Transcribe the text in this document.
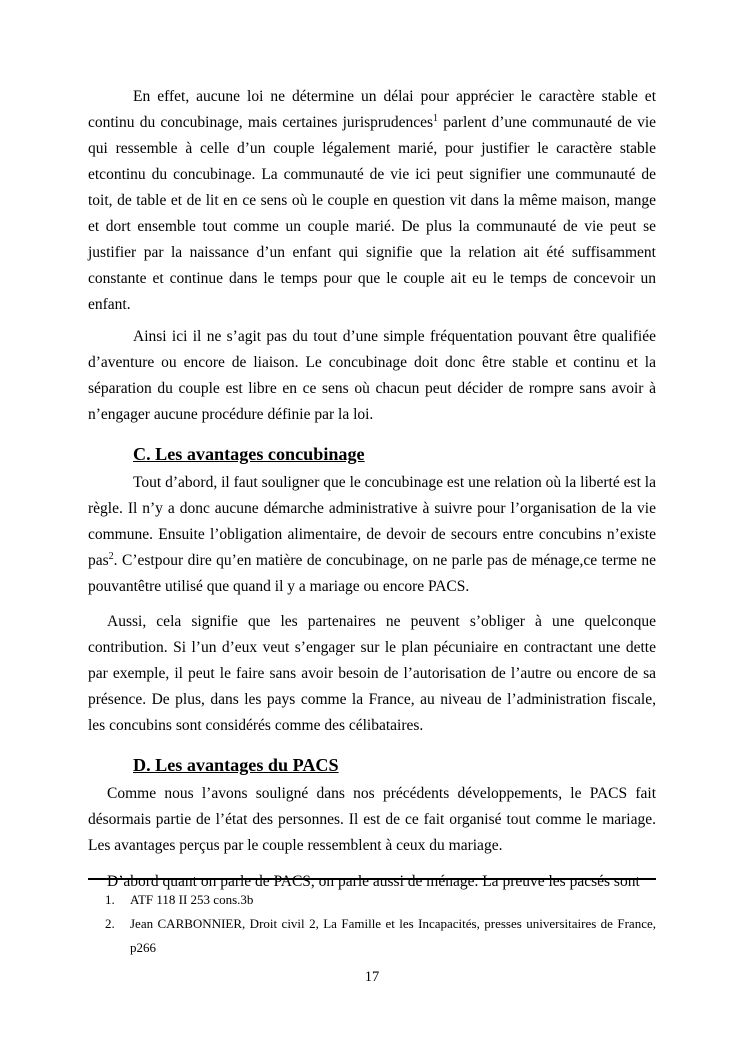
En effet, aucune loi ne détermine un délai pour apprécier le caractère stable et continu du concubinage, mais certaines jurisprudences$^1$ parlent d’une communauté de vie qui ressemble à celle d’un couple légalement marié, pour justifier le caractère stable etcontinu du concubinage. La communauté de vie ici peut signifier une communauté de toit, de table et de lit en ce sens où le couple en question vit dans la même maison, mange et dort ensemble tout comme un couple marié. De plus la communauté de vie peut se justifier par la naissance d’un enfant qui signifie que la relation ait été suffisamment constante et continue dans le temps pour que le couple ait eu le temps de concevoir un enfant.

Ainsi ici il ne s’agit pas du tout d’une simple fréquentation pouvant être qualifiée d’aventure ou encore de liaison. Le concubinage doit donc être stable et continu et la séparation du couple est libre en ce sens où chacun peut décider de rompre sans avoir à n’engager aucune procédure définie par la loi.

C. Les avantages concubinage

Tout d’abord, il faut souligner que le concubinage est une relation où la liberté est la règle. Il n’y a donc aucune démarche administrative à suivre pour l’organisation de la vie commune. Ensuite l’obligation alimentaire, de devoir de secours entre concubins n’existe pas$^2$. C’estpour dire qu’en matière de concubinage, on ne parle pas de ménage,ce terme ne pouvantêtre utilisé que quand il y a mariage ou encore PACS.

Aussi, cela signifie que les partenaires ne peuvent s’obliger à une quelconque contribution. Si l’un d’eux veut s’engager sur le plan pécuniaire en contractant une dette par exemple, il peut le faire sans avoir besoin de l’autorisation de l’autre ou encore de sa présence. De plus, dans les pays comme la France, au niveau de l’administration fiscale, les concubins sont considérés comme des célibataires.

D. Les avantages du PACS

Comme nous l’avons souligné dans nos précédents développements, le PACS fait désormais partie de l’état des personnes. Il est de ce fait organisé tout comme le mariage. Les avantages perçus par le couple ressemblent à ceux du mariage.

D’abord quant on parle de PACS, on parle aussi de ménage. La preuve les pacsés sont

1.	ATF 118 II 253 cons.3b
2.	Jean CARBONNIER, Droit civil 2, La Famille et les Incapacités, presses universitaires de France, p266
17
